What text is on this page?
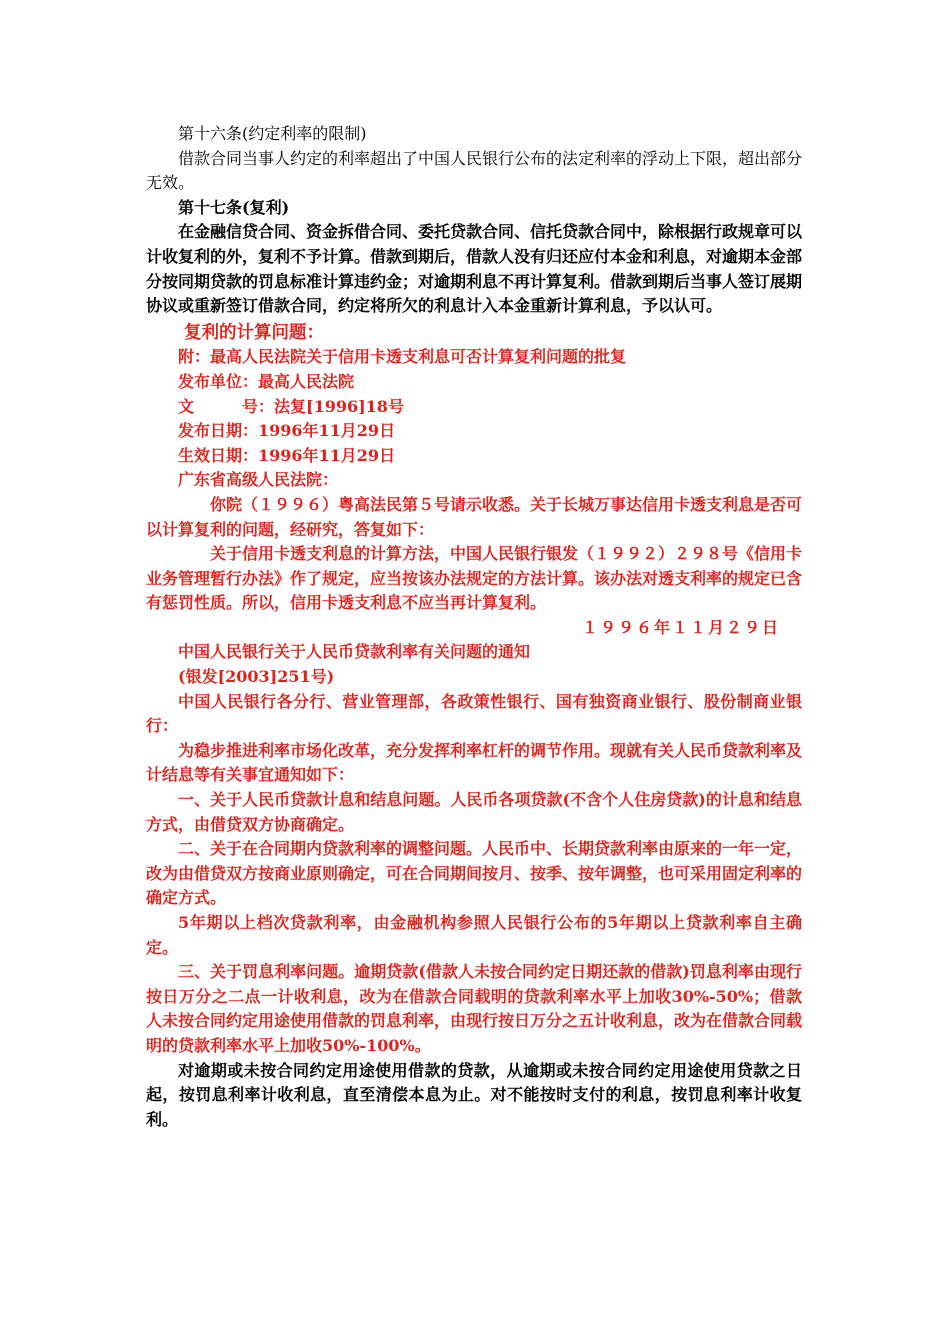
第十六条(约定利率的限制)

借款合同当事人约定的利率超出了中国人民银行公布的法定利率的浮动上下限，超出部分无效。

第十七条(复利)

在金融信贷合同、资金拆借合同、委托贷款合同、信托贷款合同中，除根据行政规章可以计收复利的外，复利不予计算。借款到期后，借款人没有归还应付本金和利息，对逾期本金部分按同期贷款的罚息标准计算违约金；对逾期利息不再计算复利。借款到期后当事人签订展期协议或重新签订借款合同，约定将所欠的利息计入本金重新计算利息，予以认可。

复利的计算问题：

附：最高人民法院关于信用卡透支利息可否计算复利问题的批复

发布单位：最高人民法院

文　　　号：法复[1996]18号

发布日期：1996年11月29日

生效日期：1996年11月29日

广东省高级人民法院：

你院（１９９６）粤高法民第５号请示收悉。关于长城万事达信用卡透支利息是否可以计算复利的问题，经研究，答复如下：

关于信用卡透支利息的计算方法，中国人民银行银发（１９９２）２９８号《信用卡业务管理暂行办法》作了规定，应当按该办法规定的方法计算。该办法对透支利率的规定已含有惩罚性质。所以，信用卡透支利息不应当再计算复利。

１９９６年１１月２９日

中国人民银行关于人民币贷款利率有关问题的通知

(银发[2003]251号)

中国人民银行各分行、营业管理部，各政策性银行、国有独资商业银行、股份制商业银行：

为稳步推进利率市场化改革，充分发挥利率杠杆的调节作用。现就有关人民币贷款利率及计结息等有关事宜通知如下：

一、关于人民币贷款计息和结息问题。人民币各项贷款(不含个人住房贷款)的计息和结息方式，由借贷双方协商确定。

二、关于在合同期内贷款利率的调整问题。人民币中、长期贷款利率由原来的一年一定，改为由借贷双方按商业原则确定，可在合同期间按月、按季、按年调整，也可采用固定利率的确定方式。

5年期以上档次贷款利率，由金融机构参照人民银行公布的5年期以上贷款利率自主确定。

三、关于罚息利率问题。逾期贷款(借款人未按合同约定日期还款的借款)罚息利率由现行按日万分之二点一计收利息，改为在借款合同载明的贷款利率水平上加收30%-50%；借款人未按合同约定用途使用借款的罚息利率，由现行按日万分之五计收利息，改为在借款合同载明的贷款利率水平上加收50%-100%。

对逾期或未按合同约定用途使用借款的贷款，从逾期或未按合同约定用途使用贷款之日起，按罚息利率计收利息，直至清偿本息为止。对不能按时支付的利息，按罚息利率计收复利。
